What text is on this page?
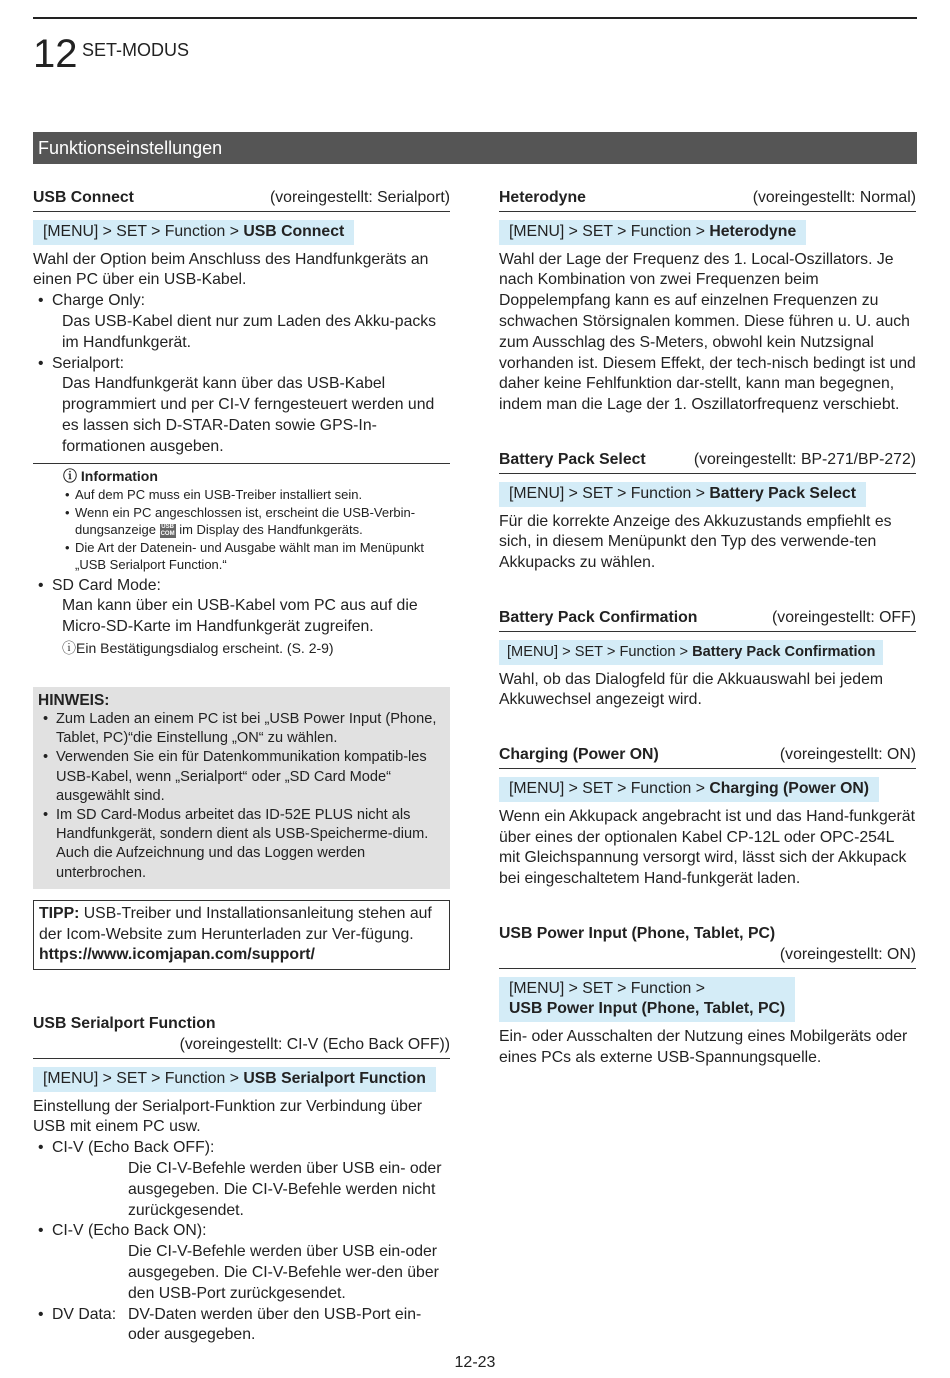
12 SET-MODUS
Funktionseinstellungen
USB Connect	(voreingestellt: Serialport)
[MENU] > SET > Function > USB Connect
Wahl der Option beim Anschluss des Handfunkgeräts an einen PC über ein USB-Kabel.
• Charge Only:
Das USB-Kabel dient nur zum Laden des Akku-packs im Handfunkgerät.
• Serialport:
Das Handfunkgerät kann über das USB-Kabel programmiert und per CI-V ferngesteuert werden und es lassen sich D-STAR-Daten sowie GPS-In-formationen ausgeben.
ⓘ Information
• Auf dem PC muss ein USB-Treiber installiert sein.
• Wenn ein PC angeschlossen ist, erscheint die USB-Verbin-dungsanzeige USB
COM im Display des Handfunkgeräts.
• Die Art der Datenein- und Ausgabe wählt man im Menüpunkt „USB Serialport Function.“
• SD Card Mode:
Man kann über ein USB-Kabel vom PC aus auf die Micro-SD-Karte im Handfunkgerät zugreifen.
ⓘEin Bestätigungsdialog erscheint. (S. 2-9)
HINWEIS:
• Zum Laden an einem PC ist bei „USB Power Input (Phone, Tablet, PC)“die Einstellung „ON“ zu wählen.
• Verwenden Sie ein für Datenkommunikation kompatib-les USB-Kabel, wenn „Serialport“ oder „SD Card Mode“ ausgewählt sind.
• Im SD Card-Modus arbeitet das ID-52E PLUS nicht als Handfunkgerät, sondern dient als USB-Speicherme-dium. Auch die Aufzeichnung und das Loggen werden unterbrochen.
TIPP: USB-Treiber und Installationsanleitung stehen auf der Icom-Website zum Herunterladen zur Ver-fügung.
https://www.icomjapan.com/support/
USB Serialport Function
(voreingestellt: CI-V (Echo Back OFF))
[MENU] > SET > Function > USB Serialport Function
Einstellung der Serialport-Funktion zur Verbindung über USB mit einem PC usw.
• CI-V (Echo Back OFF):
Die CI-V-Befehle werden über USB ein- oder ausgegeben. Die CI-V-Befehle werden nicht zurückgesendet.
• CI-V (Echo Back ON):
Die CI-V-Befehle werden über USB ein-oder ausgegeben. Die CI-V-Befehle wer-den über den USB-Port zurückgesendet.
• DV Data: DV-Daten werden über den USB-Port ein- oder ausgegeben.
Heterodyne	(voreingestellt: Normal)
[MENU] > SET > Function > Heterodyne
Wahl der Lage der Frequenz des 1. Local-Oszillators. Je nach Kombination von zwei Frequenzen beim Doppelempfang kann es auf einzelnen Frequenzen zu schwachen Störsignalen kommen. Diese führen u. U. auch zum Ausschlag des S-Meters, obwohl kein Nutzsignal vorhanden ist. Diesem Effekt, der tech-nisch bedingt ist und daher keine Fehlfunktion dar-stellt, kann man begegnen, indem man die Lage der 1. Oszillatorfrequenz verschiebt.
Battery Pack Select	(voreingestellt: BP-271/BP-272)
[MENU] > SET > Function > Battery Pack Select
Für die korrekte Anzeige des Akkuzustands empfiehlt es sich, in diesem Menüpunkt den Typ des verwende-ten Akkupacks zu wählen.
Battery Pack Confirmation	(voreingestellt: OFF)
[MENU] > SET > Function > Battery Pack Confirmation
Wahl, ob das Dialogfeld für die Akkuauswahl bei jedem Akkuwechsel angezeigt wird.
Charging (Power ON)	(voreingestellt: ON)
[MENU] > SET > Function > Charging (Power ON)
Wenn ein Akkupack angebracht ist und das Hand-funkgerät über eines der optionalen Kabel CP-12L oder OPC-254L mit Gleichspannung versorgt wird, lässt sich der Akkupack bei eingeschaltetem Hand-funkgerät laden.
USB Power Input (Phone, Tablet, PC)
(voreingestellt: ON)
[MENU] > SET > Function >
USB Power Input (Phone, Tablet, PC)
Ein- oder Ausschalten der Nutzung eines Mobilgeräts oder eines PCs als externe USB-Spannungsquelle.
12-23
